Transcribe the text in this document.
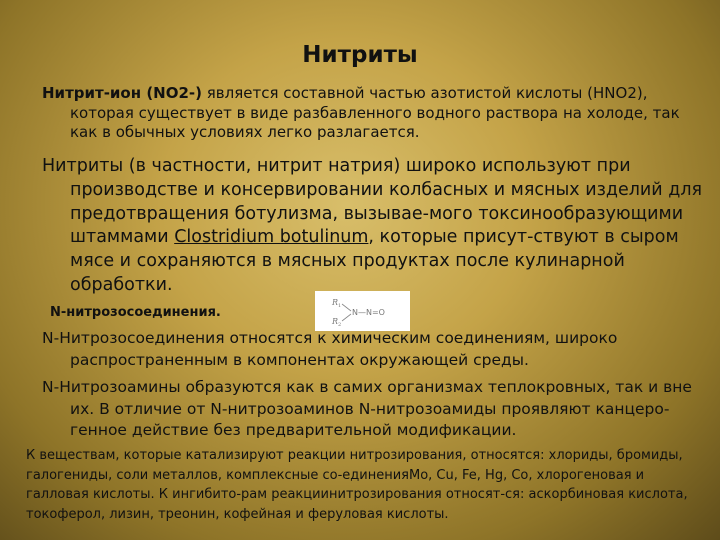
Нитриты
Нитрит-ион (NO2-) является составной частью азотистой кислоты (HNO2), которая существует в виде разбавленного водного раствора на холоде, так как в обычных условиях легко разлагается.
Нитриты (в частности, нитрит натрия) широко используют при производстве и консервировании колбасных и мясных изделий для предотвращения ботулизма, вызывае-мого токсинообразующими штаммами Clostridium botulinum, которые присут-ствуют в сыром мясе и сохраняются в мясных продуктах после кулинарной обработки.
N-нитрозосоединения.
R 1
R 2
N—N=O
N-Нитрозосоединения относятся к химическим соединениям, широко распространенным в компонентах окружающей среды.
N-Нитрозоамины образуются как в самих организмах теплокровных, так и вне их. В отличие от N-нитрозоаминов N-нитрозоамиды проявляют канцеро-генное действие без предварительной модификации.
К веществам, которые катализируют реакции нитрозирования, относятся: хлориды, бромиды, галогениды, соли металлов, комплексные со-единенияMo, Cu, Fe, Hg, Co, хлорогеновая и галловая кислоты. К ингибито-рам реакциинитрозирования относят-ся: аскорбиновая кислота, токоферол, лизин, треонин, кофейная и феруловая кислоты.
